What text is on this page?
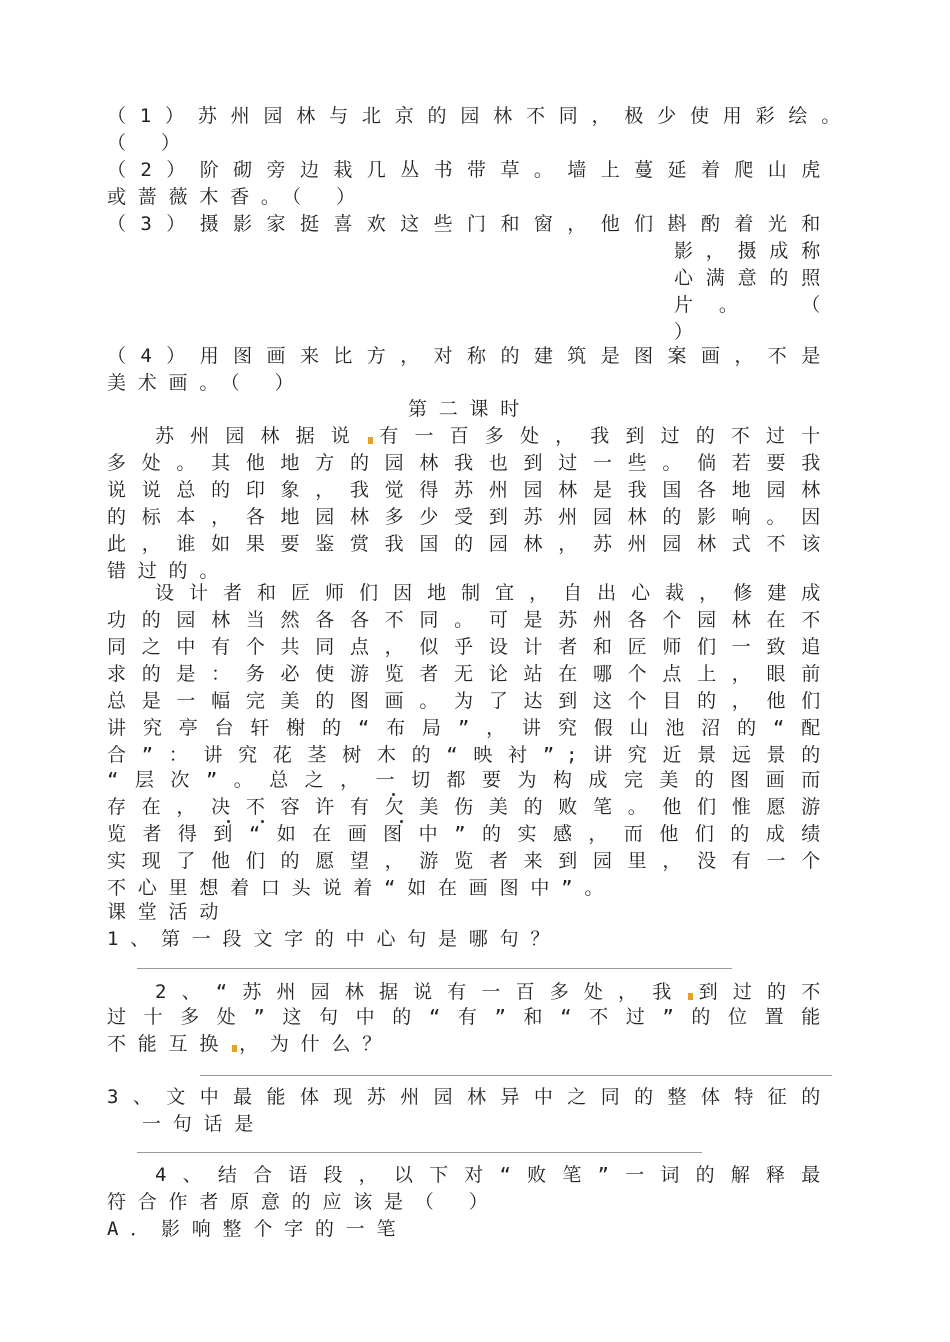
（1）苏州园林与北京的园林不同，极少使用彩绘。
（ ）
（2）阶砌旁边栽几丛书带草。墙上蔓延着爬山虎
或蔷薇木香。（ ）
（3）摄影家挺喜欢这些门和窗，他们斟酌着光和
影，摄成称
心满意的照
片。 （
）
（4）用图画来比方，对称的建筑是图案画，不是
美术画。（ ）
第二课时
苏州园林据说 有一百多处，我到过的不过十
多处。其他地方的园林我也到过一些。倘若要我
说说总的印象，我觉得苏州园林是我国各地园林
的标本，各地园林多少受到苏州园林的影响。因
此，谁如果要鉴赏我国的园林，苏州园林式不该
错过的。
设计者和匠师们因地制宜，自出心裁，修建成
功的园林当然各各不同。可是苏州各个园林在不
同之中有个共同点，似乎设计者和匠师们一致追
求的是：务必使游览者无论站在哪个点上，眼前
总是一幅完美的图画。为了达到这个目的，他们
讲究亭台轩榭的“布局”，讲究假山池沼的“配
合”：讲究花茎树木的“映衬”;讲究近景远景的
“层次”。总之，一切都要为构成完美的图画而
存在，决不容许有欠美伤美的败笔。他们惟愿游
览者得到“如在画图中”的实感，而他们的成绩
实现了他们的愿望，游览者来到园里，没有一个
不心里想着口头说着“如在画图中”。
课堂活动
1、第一段文字的中心句是哪句？
2、“苏州园林据说有一百多处，我 到过的不
过十多处”这句中的“有”和“不过”的位置能
不能互换 ，为什么？
3、文中最能体现苏州园林异中之同的整体特征的
一句话是
4、结合语段，以下对“败笔”一词的解释最
符合作者原意的应该是（ ）
A．影响整个字的一笔
